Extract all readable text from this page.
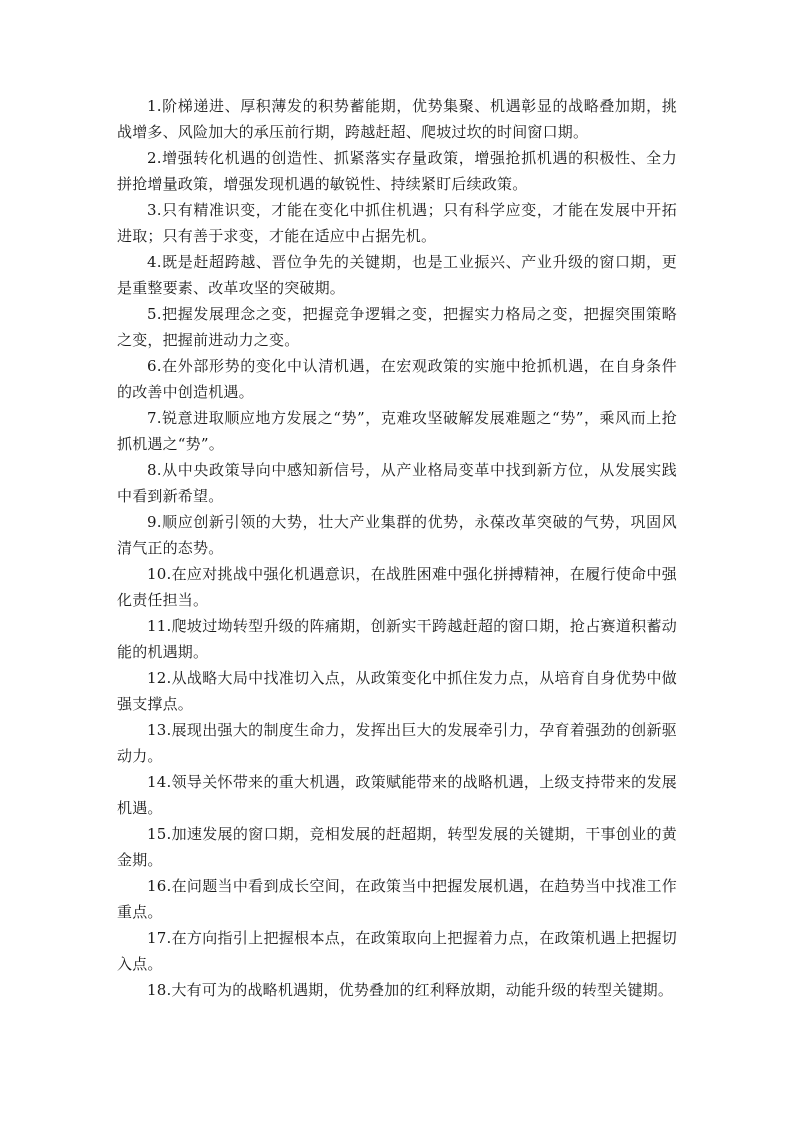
1.阶梯递进、厚积薄发的积势蓄能期，优势集聚、机遇彰显的战略叠加期，挑战增多、风险加大的承压前行期，跨越赶超、爬坡过坎的时间窗口期。

2.增强转化机遇的创造性、抓紧落实存量政策，增强抢抓机遇的积极性、全力拼抢增量政策，增强发现机遇的敏锐性、持续紧盯后续政策。

3.只有精准识变，才能在变化中抓住机遇；只有科学应变，才能在发展中开拓进取；只有善于求变，才能在适应中占据先机。

4.既是赶超跨越、晋位争先的关键期，也是工业振兴、产业升级的窗口期，更是重整要素、改革攻坚的突破期。

5.把握发展理念之变，把握竞争逻辑之变，把握实力格局之变，把握突围策略之变，把握前进动力之变。

6.在外部形势的变化中认清机遇，在宏观政策的实施中抢抓机遇，在自身条件的改善中创造机遇。

7.锐意进取顺应地方发展之“势”，克难攻坚破解发展难题之“势”，乘风而上抢抓机遇之“势”。

8.从中央政策导向中感知新信号，从产业格局变革中找到新方位，从发展实践中看到新希望。

9.顺应创新引领的大势，壮大产业集群的优势，永葆改革突破的气势，巩固风清气正的态势。

10.在应对挑战中强化机遇意识，在战胜困难中强化拼搏精神，在履行使命中强化责任担当。

11.爬坡过坳转型升级的阵痛期，创新实干跨越赶超的窗口期，抢占赛道积蓄动能的机遇期。

12.从战略大局中找准切入点，从政策变化中抓住发力点，从培育自身优势中做强支撑点。

13.展现出强大的制度生命力，发挥出巨大的发展牵引力，孕育着强劲的创新驱动力。

14.领导关怀带来的重大机遇，政策赋能带来的战略机遇，上级支持带来的发展机遇。

15.加速发展的窗口期，竞相发展的赶超期，转型发展的关键期，干事创业的黄金期。

16.在问题当中看到成长空间，在政策当中把握发展机遇，在趋势当中找准工作重点。

17.在方向指引上把握根本点，在政策取向上把握着力点，在政策机遇上把握切入点。

18.大有可为的战略机遇期，优势叠加的红利释放期，动能升级的转型关键期。
